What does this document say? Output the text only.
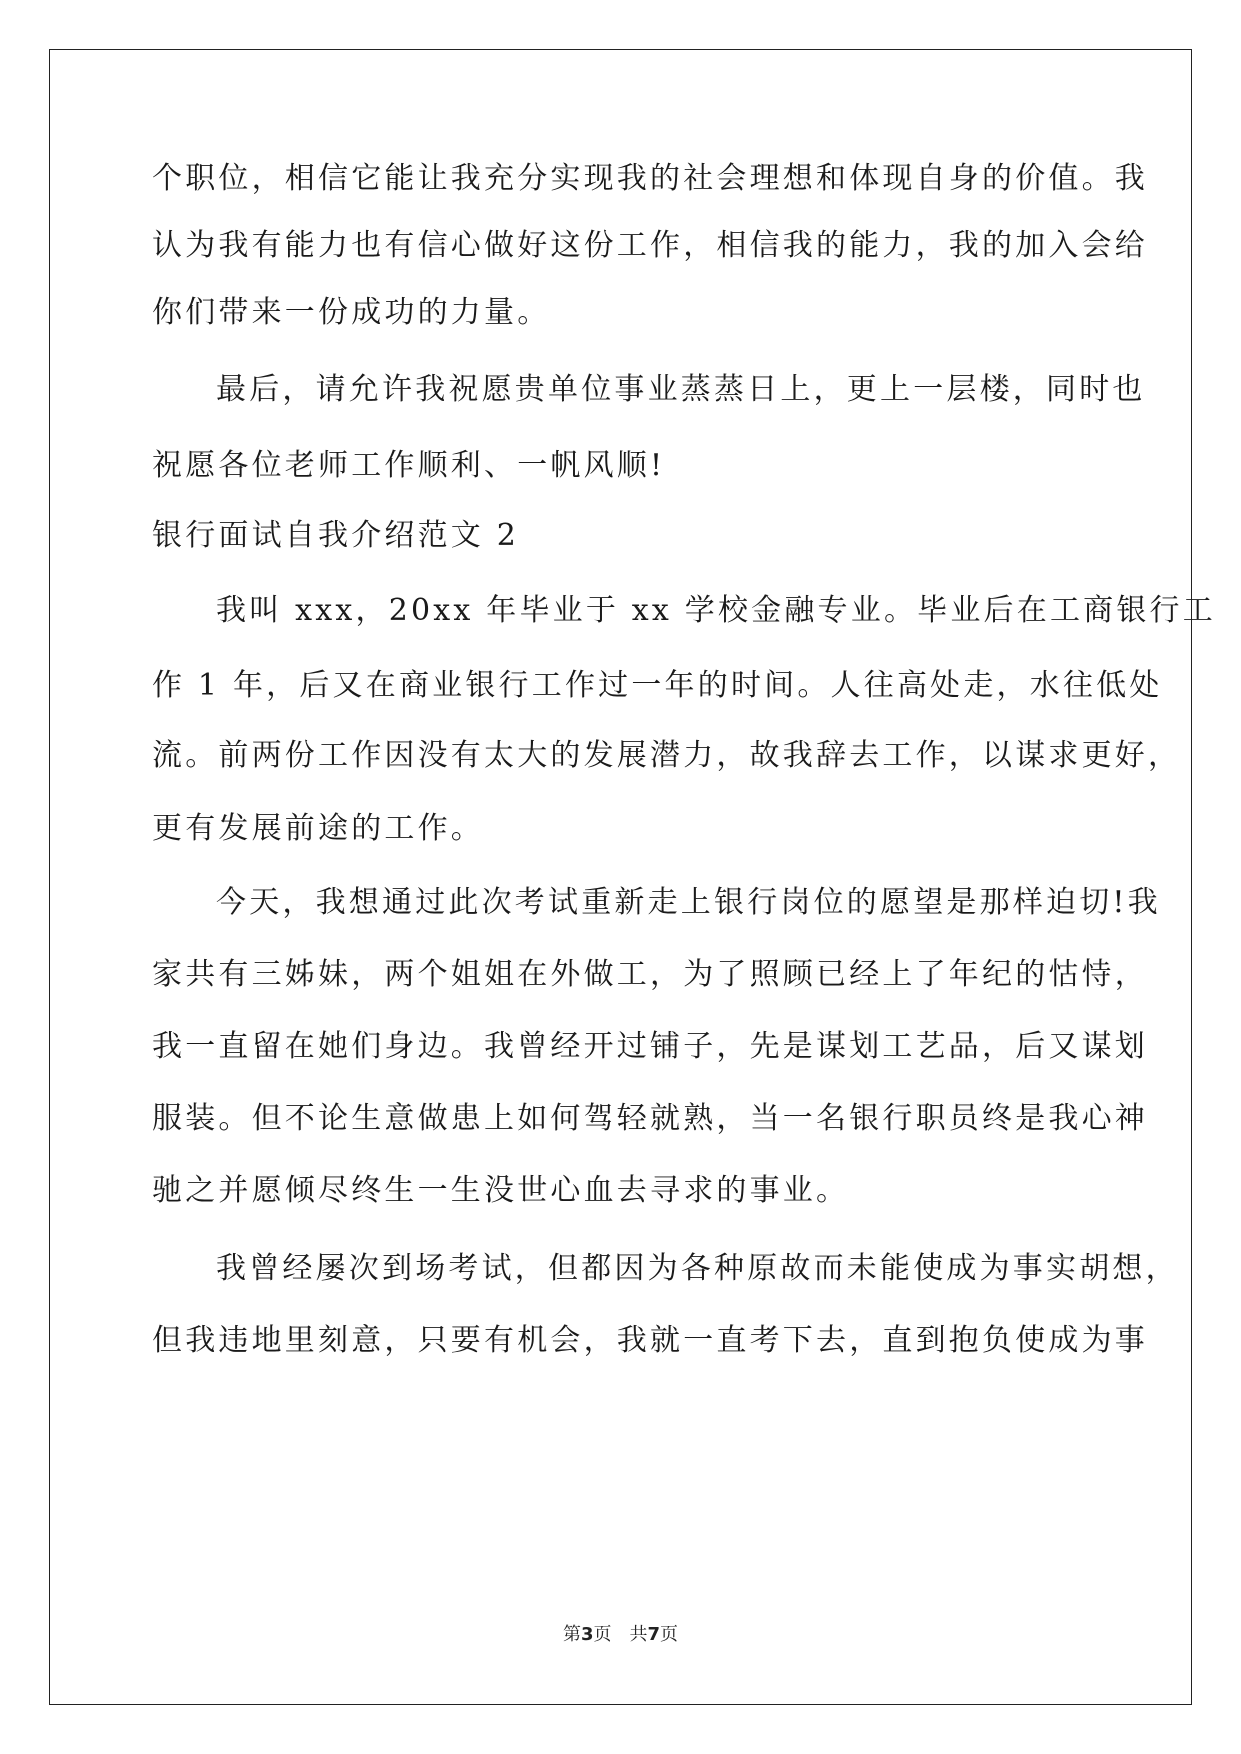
个职位，相信它能让我充分实现我的社会理想和体现自身的价值。我
认为我有能力也有信心做好这份工作，相信我的能力，我的加入会给
你们带来一份成功的力量。
最后，请允许我祝愿贵单位事业蒸蒸日上，更上一层楼，同时也
祝愿各位老师工作顺利、一帆风顺!
银行面试自我介绍范文 2
我叫 xxx，20xx 年毕业于 xx 学校金融专业。毕业后在工商银行工
作 1 年，后又在商业银行工作过一年的时间。人往高处走，水往低处
流。前两份工作因没有太大的发展潜力，故我辞去工作，以谋求更好，
更有发展前途的工作。
今天，我想通过此次考试重新走上银行岗位的愿望是那样迫切!我
家共有三姊妹，两个姐姐在外做工，为了照顾已经上了年纪的怙恃，
我一直留在她们身边。我曾经开过铺子，先是谋划工艺品，后又谋划
服装。但不论生意做患上如何驾轻就熟，当一名银行职员终是我心神
驰之并愿倾尽终生一生没世心血去寻求的事业。
我曾经屡次到场考试，但都因为各种原故而未能使成为事实胡想，
但我违地里刻意，只要有机会，我就一直考下去，直到抱负使成为事
第3页 共7页
